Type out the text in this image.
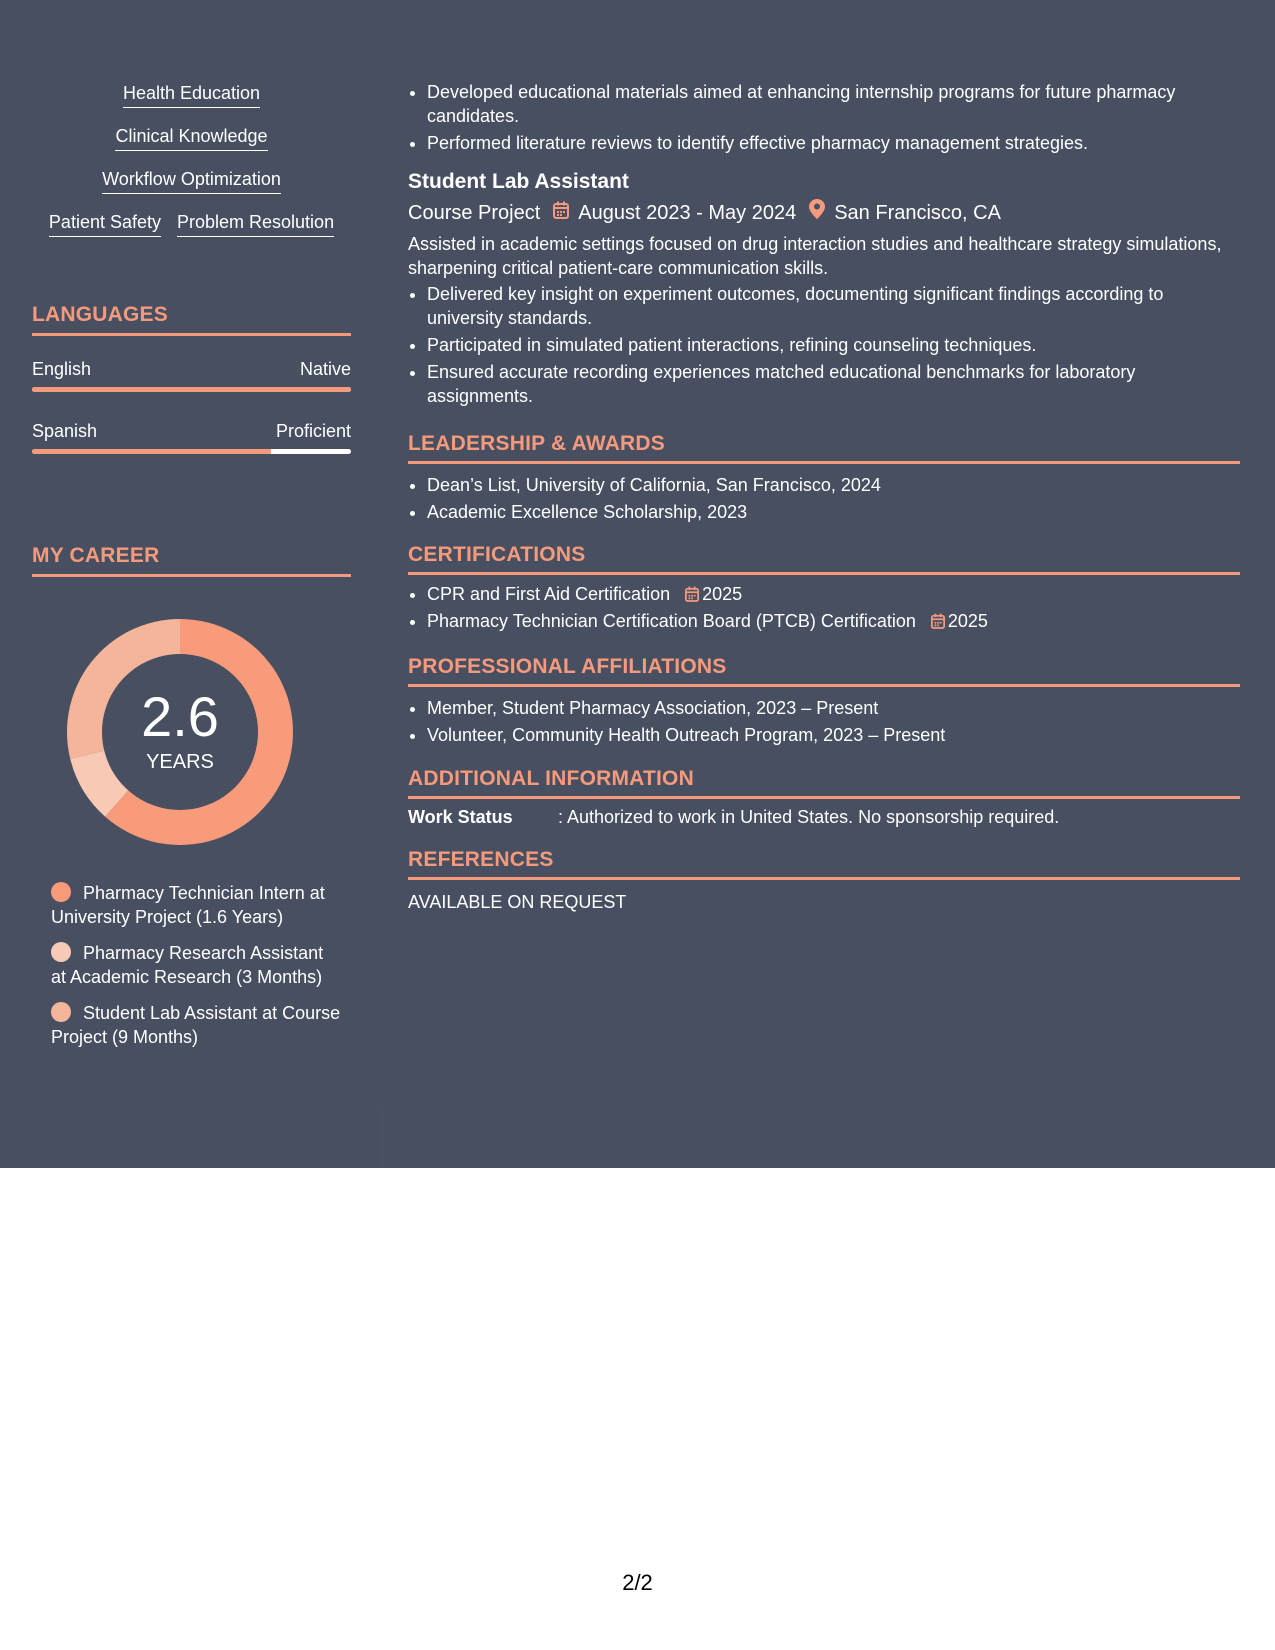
Health Education
Clinical Knowledge
Workflow Optimization
Patient Safety Problem Resolution
LANGUAGES
English	Native
Spanish	Proficient
MY CAREER
2.6
YEARS
Pharmacy Technician Intern at University Project (1.6 Years)
Pharmacy Research Assistant at Academic Research (3 Months)
Student Lab Assistant at Course Project (9 Months)
• Developed educational materials aimed at enhancing internship programs for future pharmacy candidates.
• Performed literature reviews to identify effective pharmacy management strategies.
Student Lab Assistant
Course Project August 2023 - May 2024 San Francisco, CA
Assisted in academic settings focused on drug interaction studies and healthcare strategy simulations, sharpening critical patient-care communication skills.
• Delivered key insight on experiment outcomes, documenting significant findings according to university standards.
• Participated in simulated patient interactions, refining counseling techniques.
• Ensured accurate recording experiences matched educational benchmarks for laboratory assignments.
LEADERSHIP & AWARDS
• Dean’s List, University of California, San Francisco, 2024
• Academic Excellence Scholarship, 2023
CERTIFICATIONS
• CPR and First Aid Certification 2025
• Pharmacy Technician Certification Board (PTCB) Certification 2025
PROFESSIONAL AFFILIATIONS
• Member, Student Pharmacy Association, 2023 – Present
• Volunteer, Community Health Outreach Program, 2023 – Present
ADDITIONAL INFORMATION
Work Status	: Authorized to work in United States. No sponsorship required.
REFERENCES
AVAILABLE ON REQUEST
2/2
